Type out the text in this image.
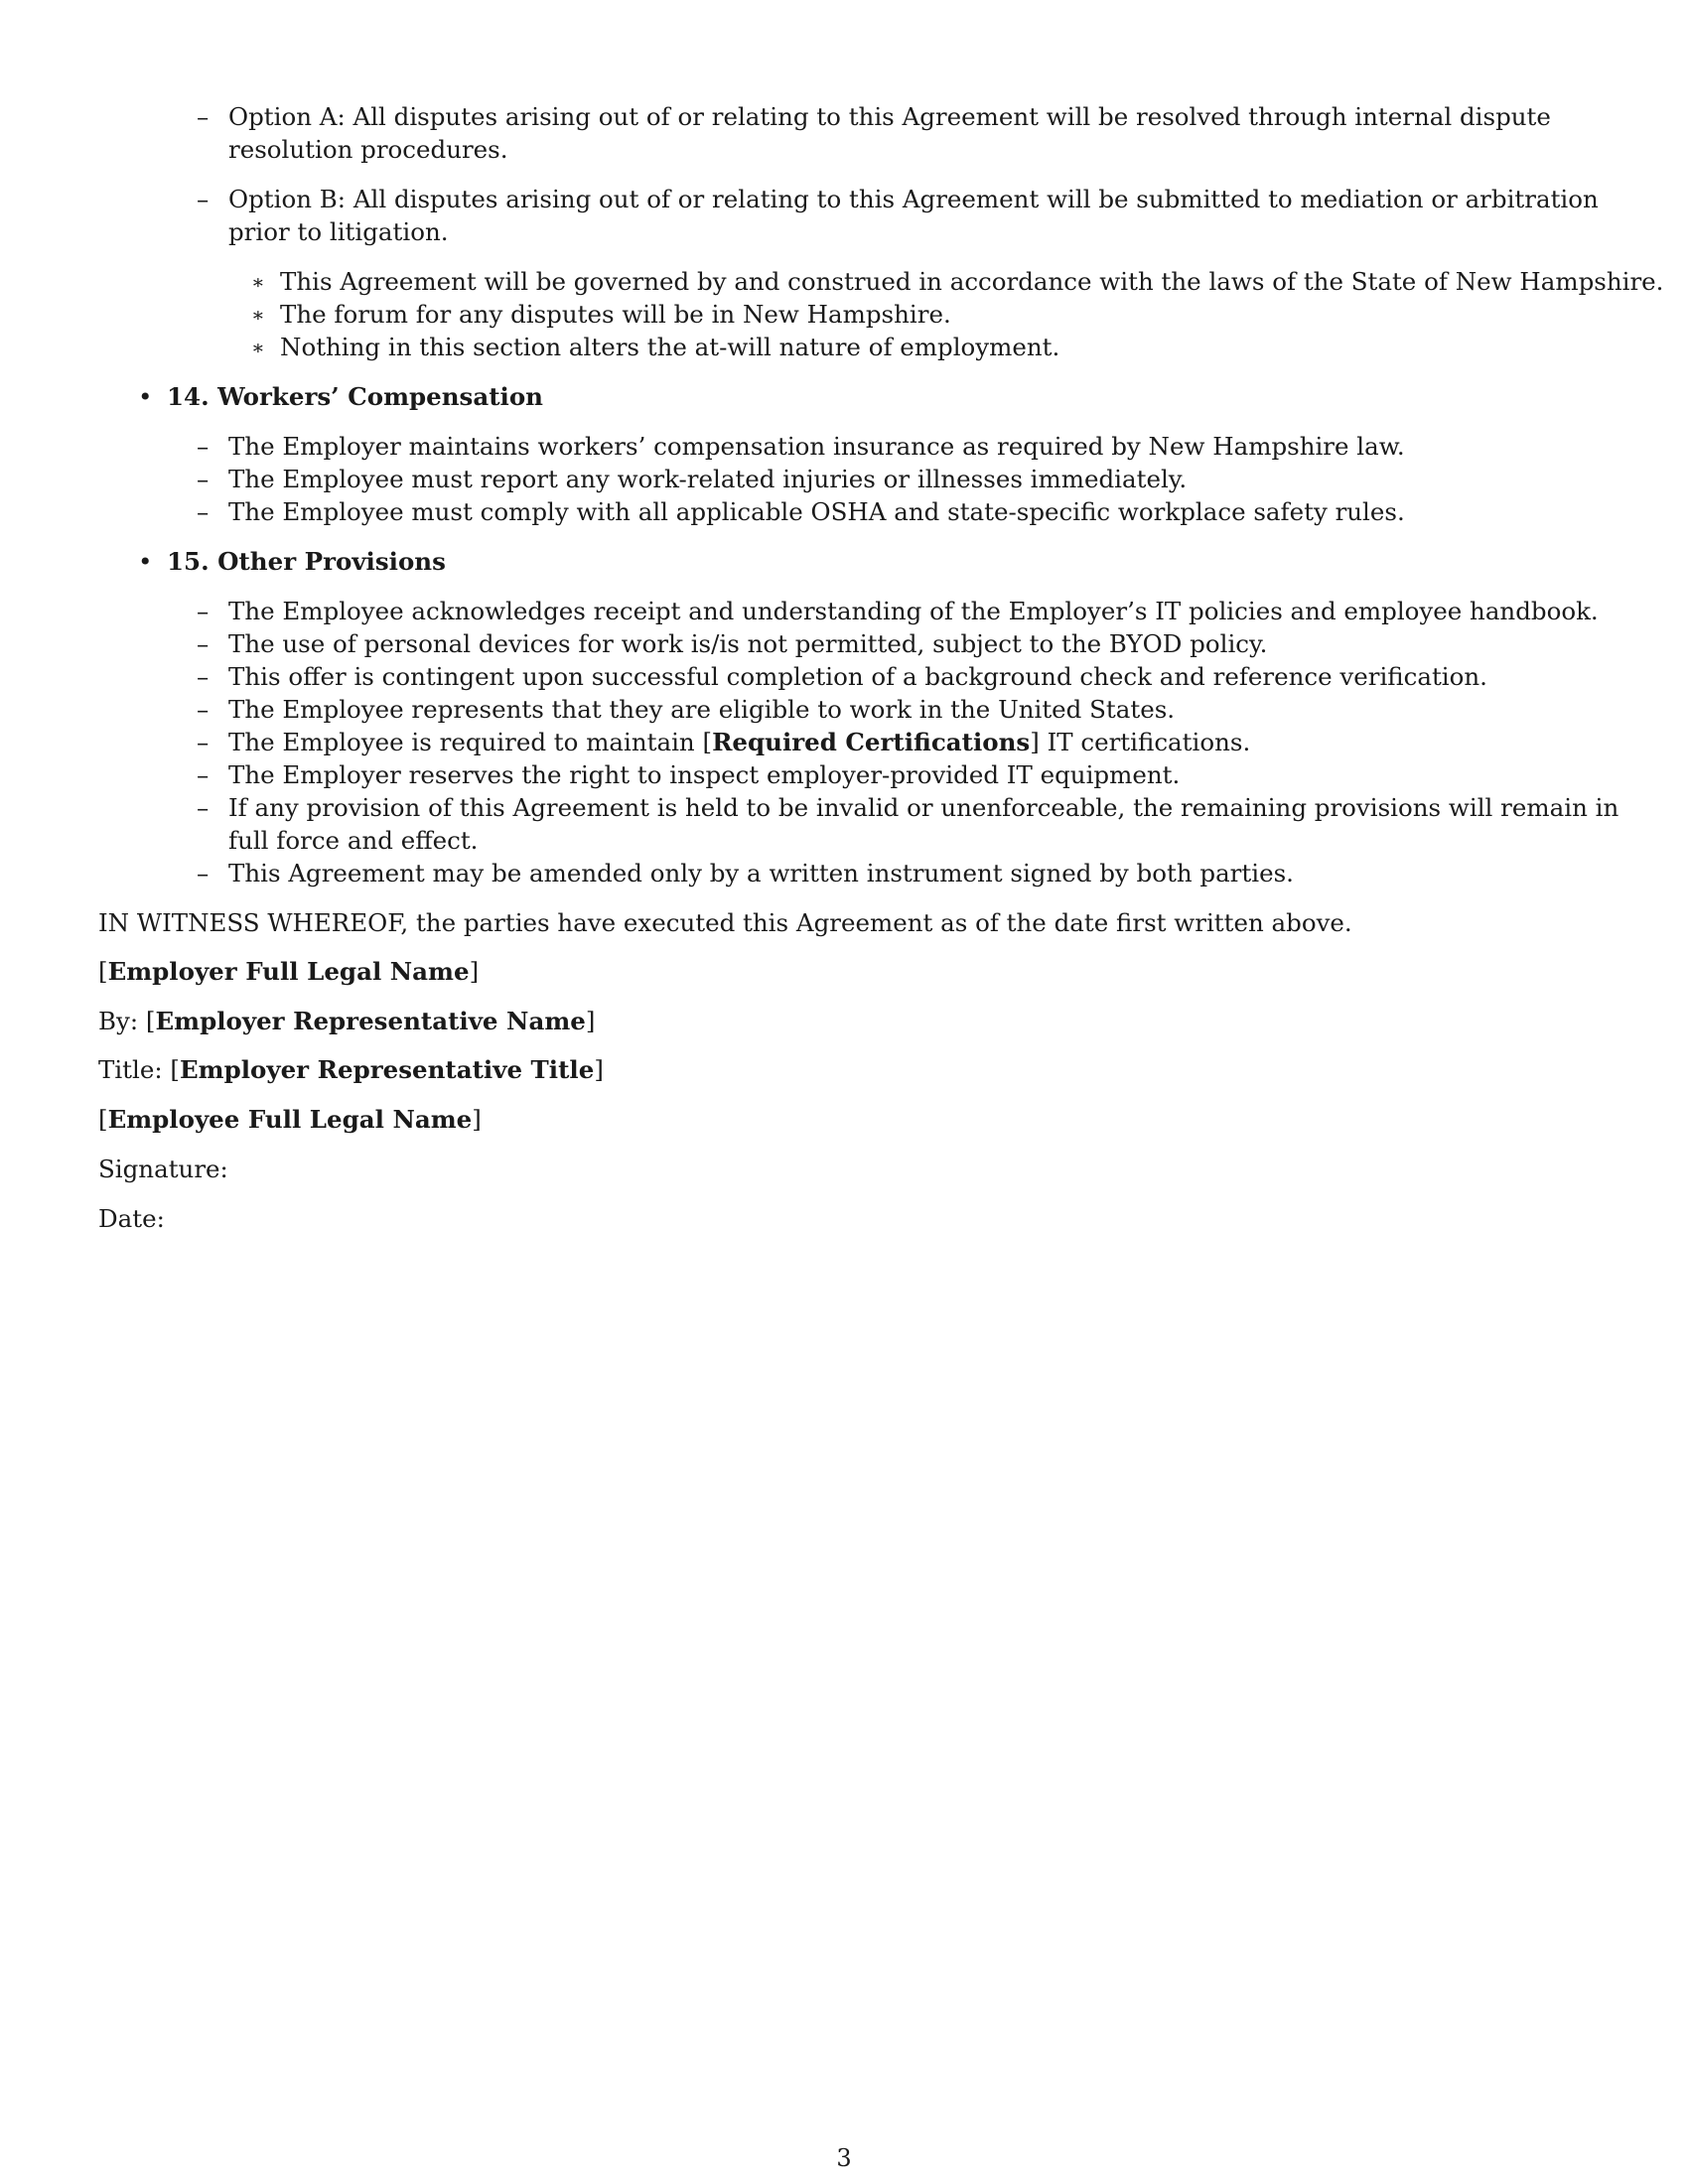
– Option A: All disputes arising out of or relating to this Agreement will be resolved through internal dispute

resolution procedures.

– Option B: All disputes arising out of or relating to this Agreement will be submitted to mediation or arbitration

prior to litigation.

∗ This Agreement will be governed by and construed in accordance with the laws of the State of New Hampshire.

∗ The forum for any disputes will be in New Hampshire.

∗ Nothing in this section alters the at-will nature of employment.

• 14. Workers’ Compensation

– The Employer maintains workers’ compensation insurance as required by New Hampshire law.

– The Employee must report any work-related injuries or illnesses immediately.

– The Employee must comply with all applicable OSHA and state-specific workplace safety rules.

• 15. Other Provisions

– The Employee acknowledges receipt and understanding of the Employer’s IT policies and employee handbook.

– The use of personal devices for work is/is not permitted, subject to the BYOD policy.

– This offer is contingent upon successful completion of a background check and reference verification.

– The Employee represents that they are eligible to work in the United States.

– The Employee is required to maintain [Required Certifications] IT certifications.

– The Employer reserves the right to inspect employer-provided IT equipment.

– If any provision of this Agreement is held to be invalid or unenforceable, the remaining provisions will remain in

full force and effect.

– This Agreement may be amended only by a written instrument signed by both parties.

IN WITNESS WHEREOF, the parties have executed this Agreement as of the date first written above.

[Employer Full Legal Name]

By: [Employer Representative Name]

Title: [Employer Representative Title]

[Employee Full Legal Name]

Signature:

Date:

3
